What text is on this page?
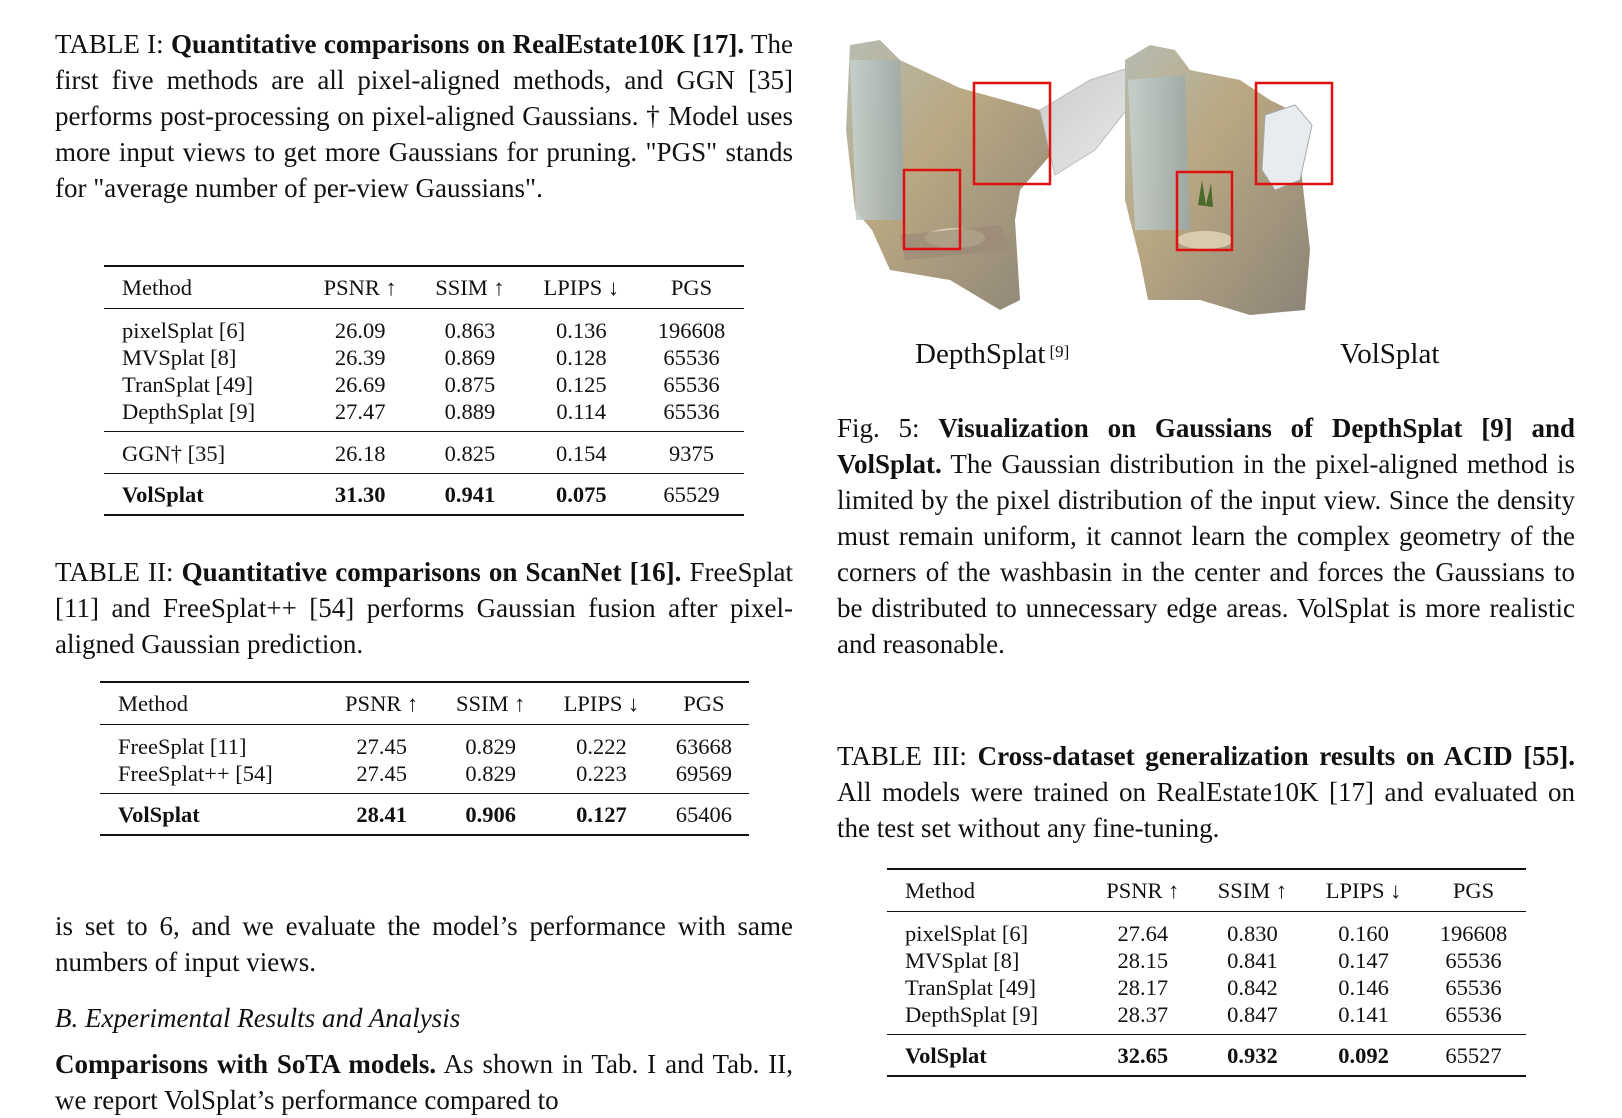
TABLE I: Quantitative comparisons on RealEstate10K [17]. The first five methods are all pixel-aligned methods, and GGN [35] performs post-processing on pixel-aligned Gaussians. † Model uses more input views to get more Gaussians for pruning. "PGS" stands for "average number of per-view Gaussians".
Method	PSNR ↑	SSIM ↑	LPIPS ↓	PGS
pixelSplat [6]	26.09	0.863	0.136	196608
MVSplat [8]	26.39	0.869	0.128	65536
TranSplat [49]	26.69	0.875	0.125	65536
DepthSplat [9]	27.47	0.889	0.114	65536
GGN† [35]	26.18	0.825	0.154	9375
VolSplat	31.30	0.941	0.075	65529
TABLE II: Quantitative comparisons on ScanNet [16]. FreeSplat [11] and FreeSplat++ [54] performs Gaussian fusion after pixel-aligned Gaussian prediction.
Method	PSNR ↑	SSIM ↑	LPIPS ↓	PGS
FreeSplat [11]	27.45	0.829	0.222	63668
FreeSplat++ [54]	27.45	0.829	0.223	69569
VolSplat	28.41	0.906	0.127	65406
is set to 6, and we evaluate the model’s performance with same numbers of input views.
B. Experimental Results and Analysis
Comparisons with SoTA models. As shown in Tab. I and Tab. II, we report VolSplat’s performance compared to
DepthSplat [9]	VolSplat
Fig. 5: Visualization on Gaussians of DepthSplat [9] and VolSplat. The Gaussian distribution in the pixel-aligned method is limited by the pixel distribution of the input view. Since the density must remain uniform, it cannot learn the complex geometry of the corners of the washbasin in the center and forces the Gaussians to be distributed to unnecessary edge areas. VolSplat is more realistic and reasonable.
TABLE III: Cross-dataset generalization results on ACID [55]. All models were trained on RealEstate10K [17] and evaluated on the test set without any fine-tuning.
Method	PSNR ↑	SSIM ↑	LPIPS ↓	PGS
pixelSplat [6]	27.64	0.830	0.160	196608
MVSplat [8]	28.15	0.841	0.147	65536
TranSplat [49]	28.17	0.842	0.146	65536
DepthSplat [9]	28.37	0.847	0.141	65536
VolSplat	32.65	0.932	0.092	65527
